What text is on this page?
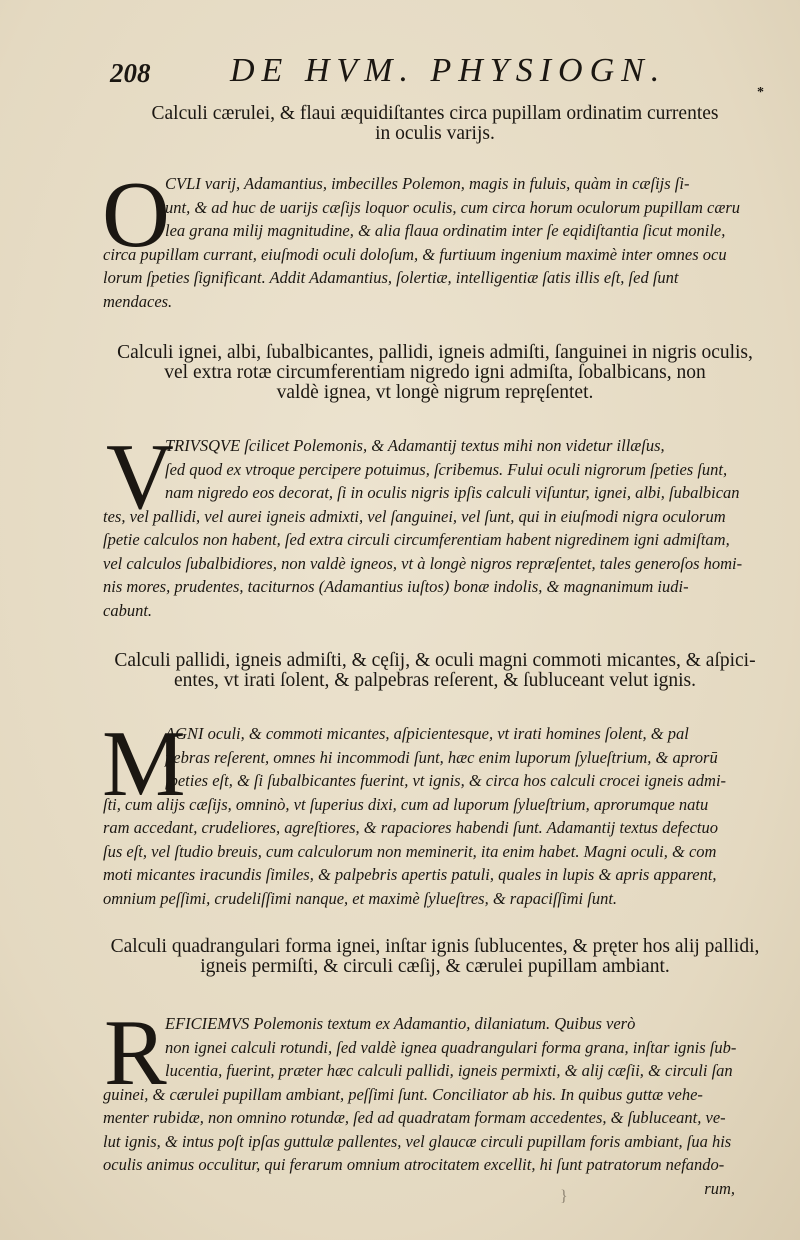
208 DE HVM. PHYSIOGN.
*
Calculi cærulei, & flaui æquidiſtantes circa pupillam ordinatim currentes
in oculis varijs.
O
CVLI varij, Adamantius, imbecilles Polemon, magis in fuluis, quàm in cæſijs ſi-
unt, & ad huc de uarijs cæſijs loquor oculis, cum circa horum oculorum pupillam cæru
lea grana milij magnitudine, & alia flaua ordinatim inter ſe eqidiſtantia ſicut monile,
circa pupillam currant, eiuſmodi oculi doloſum, & furtiuum ingenium maximè inter omnes ocu
lorum ſpeties ſignificant. Addit Adamantius, ſolertiæ, intelligentiæ ſatis illis eſt, ſed ſunt
mendaces.
Calculi ignei, albi, ſubalbicantes, pallidi, igneis admiſti, ſanguinei in nigris oculis,
vel extra rotæ circumferentiam nigredo igni admiſta, ſobalbicans, non
valdè ignea, vt longè nigrum repręſentet.
V
TRIVSQVE ſcilicet Polemonis, & Adamantij textus mihi non videtur illæſus,
ſed quod ex vtroque percipere potuimus, ſcribemus. Fului oculi nigrorum ſpeties ſunt,
nam nigredo eos decorat, ſi in oculis nigris ipſis calculi viſuntur, ignei, albi, ſubalbican
tes, vel pallidi, vel aurei igneis admixti, vel ſanguinei, vel ſunt, qui in eiuſmodi nigra oculorum
ſpetie calculos non habent, ſed extra circuli circumferentiam habent nigredinem igni admiſtam,
vel calculos ſubalbidiores, non valdè igneos, vt à longè nigros repræſentet, tales generoſos homi-
nis mores, prudentes, taciturnos (Adamantius iuſtos) bonæ indolis, & magnanimum iudi-
cabunt.
Calculi pallidi, igneis admiſti, & cęſij, & oculi magni commoti micantes, & aſpici-
entes, vt irati ſolent, & palpebras reſerent, & ſubluceant velut ignis.
M
AGNI oculi, & commoti micantes, aſpicientesque, vt irati homines ſolent, & pal
pebras reſerent, omnes hi incommodi ſunt, hæc enim luporum ſylueſtrium, & aprorū
ſpeties eſt, & ſi ſubalbicantes fuerint, vt ignis, & circa hos calculi crocei igneis admi-
ſti, cum alijs cæſijs, omninò, vt ſuperius dixi, cum ad luporum ſylueſtrium, aprorumque natu
ram accedant, crudeliores, agreſtiores, & rapaciores habendi ſunt. Adamantij textus defectuo
ſus eſt, vel ſtudio breuis, cum calculorum non meminerit, ita enim habet. Magni oculi, & com
moti micantes iracundis ſimiles, & palpebris apertis patuli, quales in lupis & apris apparent,
omnium peſſimi, crudeliſſimi nanque, et maximè ſylueſtres, & rapaciſſimi ſunt.
Calculi quadrangulari forma ignei, inſtar ignis ſublucentes, & pręter hos alij pallidi,
igneis permiſti, & circuli cæſij, & cærulei pupillam ambiant.
R
EFICIEMVS Polemonis textum ex Adamantio, dilaniatum. Quibus verò
non ignei calculi rotundi, ſed valdè ignea quadrangulari forma grana, inſtar ignis ſub-
lucentia, fuerint, præter hæc calculi pallidi, igneis permixti, & alij cæſii, & circuli ſan
guinei, & cærulei pupillam ambiant, peſſimi ſunt. Conciliator ab his. In quibus guttæ vehe-
menter rubidæ, non omnino rotundæ, ſed ad quadratam formam accedentes, & ſubluceant, ve-
lut ignis, & intus poſt ipſas guttulæ pallentes, vel glaucæ circuli pupillam foris ambiant, ſua his
oculis animus occulitur, qui ferarum omnium atrocitatem excellit, hi ſunt patratorum nefando-
rum,
}
